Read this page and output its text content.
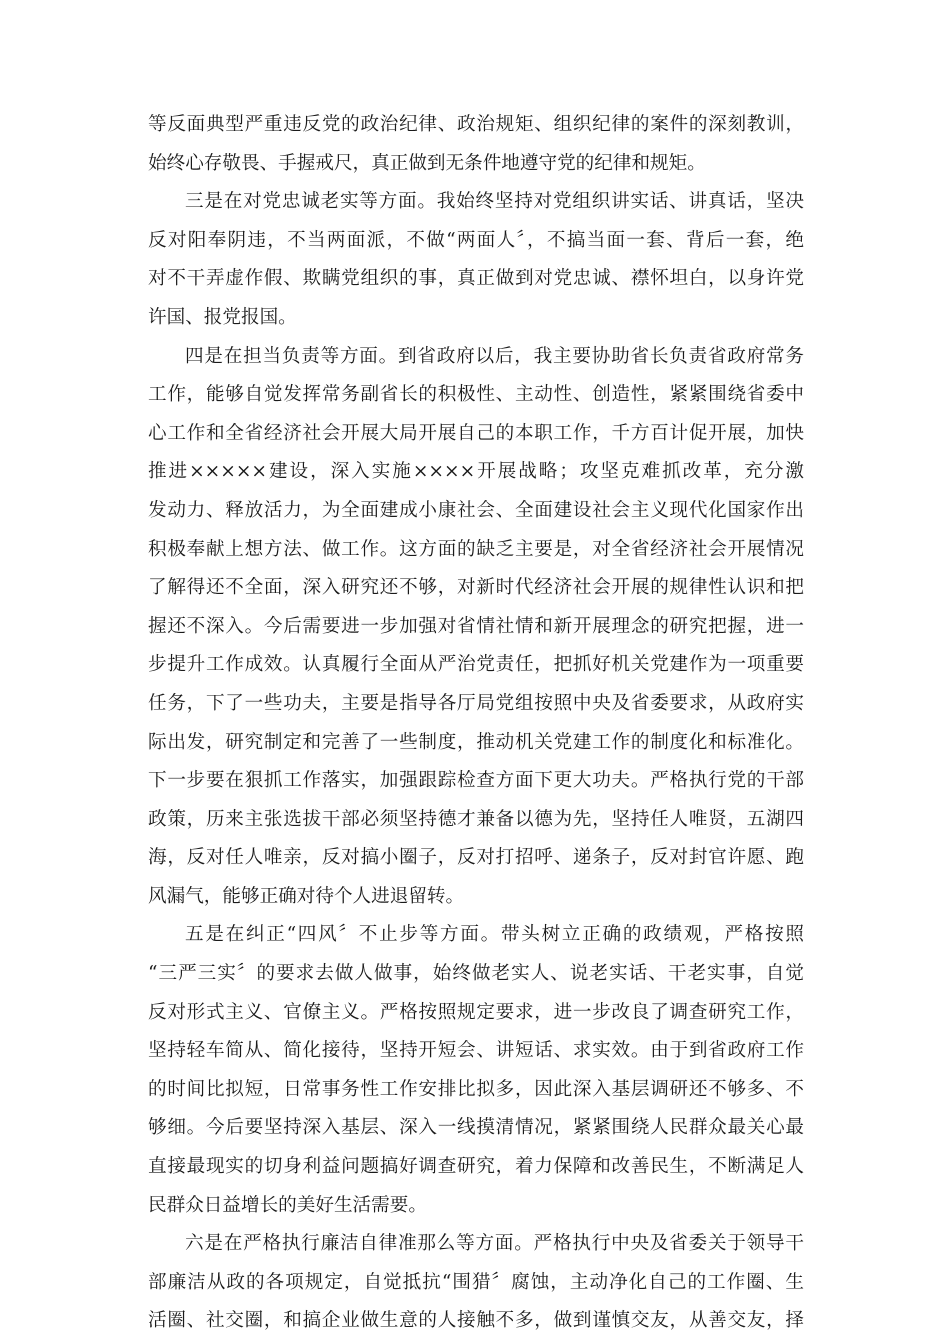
等反面典型严重违反党的政治纪律、政治规矩、组织纪律的案件的深刻教训，
始终心存敬畏、手握戒尺，真正做到无条件地遵守党的纪律和规矩。
三是在对党忠诚老实等方面。我始终坚持对党组织讲实话、讲真话，坚决
反对阳奉阴违，不当两面派，不做“两面人〞，不搞当面一套、背后一套，绝
对不干弄虚作假、欺瞒党组织的事，真正做到对党忠诚、襟怀坦白，以身许党
许国、报党报国。
四是在担当负责等方面。到省政府以后，我主要协助省长负责省政府常务
工作，能够自觉发挥常务副省长的积极性、主动性、创造性，紧紧围绕省委中
心工作和全省经济社会开展大局开展自己的本职工作，千方百计促开展，加快
推进×××××建设，深入实施××××开展战略；攻坚克难抓改革，充分激
发动力、释放活力，为全面建成小康社会、全面建设社会主义现代化国家作出
积极奉献上想方法、做工作。这方面的缺乏主要是，对全省经济社会开展情况
了解得还不全面，深入研究还不够，对新时代经济社会开展的规律性认识和把
握还不深入。今后需要进一步加强对省情社情和新开展理念的研究把握，进一
步提升工作成效。认真履行全面从严治党责任，把抓好机关党建作为一项重要
任务，下了一些功夫，主要是指导各厅局党组按照中央及省委要求，从政府实
际出发，研究制定和完善了一些制度，推动机关党建工作的制度化和标准化。
下一步要在狠抓工作落实，加强跟踪检查方面下更大功夫。严格执行党的干部
政策，历来主张选拔干部必须坚持德才兼备以德为先，坚持任人唯贤，五湖四
海，反对任人唯亲，反对搞小圈子，反对打招呼、递条子，反对封官许愿、跑
风漏气，能够正确对待个人进退留转。
五是在纠正“四风〞不止步等方面。带头树立正确的政绩观，严格按照
“三严三实〞的要求去做人做事，始终做老实人、说老实话、干老实事，自觉
反对形式主义、官僚主义。严格按照规定要求，进一步改良了调查研究工作，
坚持轻车简从、简化接待，坚持开短会、讲短话、求实效。由于到省政府工作
的时间比拟短，日常事务性工作安排比拟多，因此深入基层调研还不够多、不
够细。今后要坚持深入基层、深入一线摸清情况，紧紧围绕人民群众最关心最
直接最现实的切身利益问题搞好调查研究，着力保障和改善民生，不断满足人
民群众日益增长的美好生活需要。
六是在严格执行廉洁自律准那么等方面。严格执行中央及省委关于领导干
部廉洁从政的各项规定，自觉抵抗“围猎〞腐蚀，主动净化自己的工作圈、生
活圈、社交圈，和搞企业做生意的人接触不多，做到谨慎交友，从善交友，择
